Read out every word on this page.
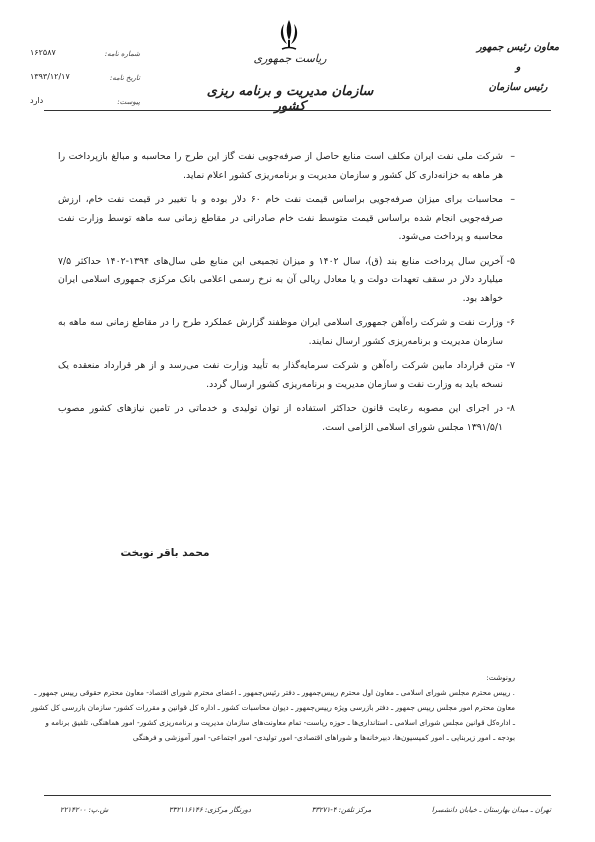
ریاست جمهوری
سازمان مدیریت و برنامه ریزی کشور
معاون رئیس جمهور
و
رئیس سازمان
شماره نامه:
۱۶۲۵۸۷
تاریخ نامه:
۱۳۹۳/۱۲/۱۷
پیوست:
دارد
–
شرکت ملی نفت ایران مکلف است منابع حاصل از صرفه‌جویی نفت گاز این طرح را محاسبه و مبالغ بازپرداخت را هر ماهه به خزانه‌داری کل کشور و سازمان مدیریت و برنامه‌ریزی کشور اعلام نماید.
–
محاسبات برای میزان صرفه‌جویی براساس قیمت نفت خام ۶۰ دلار بوده و با تغییر در قیمت نفت خام، ارزش صرفه‌جویی انجام شده براساس قیمت متوسط نفت خام صادراتی در مقاطع زمانی سه ماهه توسط وزارت نفت محاسبه و پرداخت می‌شود.
۵-
آخرین سال پرداخت منابع بند (ق)، سال ۱۴۰۲ و میزان تجمیعی این منابع طی سال‌های ۱۳۹۴-۱۴۰۲ حداکثر ۷/۵ میلیارد دلار در سقف تعهدات دولت و یا معادل ریالی آن به نرخ رسمی اعلامی بانک مرکزی جمهوری اسلامی ایران خواهد بود.
۶-
وزارت نفت و شرکت راه‌آهن جمهوری اسلامی ایران موظفند گزارش عملکرد طرح را در مقاطع زمانی سه ماهه به سازمان مدیریت و برنامه‌ریزی کشور ارسال نمایند.
۷-
متن قرارداد مابین شرکت راه‌آهن و شرکت سرمایه‌گذار به تأیید وزارت نفت می‌رسد و از هر قرارداد منعقده یک نسخه باید به وزارت نفت و سازمان مدیریت و برنامه‌ریزی کشور ارسال گردد.
۸-
در اجرای این مصوبه رعایت قانون حداکثر استفاده از توان تولیدی و خدماتی در تامین نیازهای کشور مصوب ۱۳۹۱/۵/۱ مجلس شورای اسلامی الزامی است.
محمد باقر نوبخت
رونوشت:
. رییس محترم مجلس شورای اسلامی ـ معاون اول محترم رییس‌جمهور ـ دفتر رئیس‌جمهور ـ اعضای محترم شورای اقتصاد- معاون محترم حقوقی رییس جمهور ـ معاون محترم امور مجلس رییس جمهور ـ دفتر بازرسی ویژه رییس‌جمهور ـ دیوان محاسبات کشور ـ اداره کل قوانین و مقررات کشور- سازمان بازرسی کل کشور ـ اداره‌کل قوانین مجلس شورای اسلامی ـ استانداری‌ها ـ حوزه ریاست- تمام معاونت‌های سازمان مدیریت و برنامه‌ریزی کشور- امور هماهنگی، تلفیق برنامه و بودجه ـ امور زیربنایی ـ امور کمیسیون‌ها، دبیرخانه‌ها و شوراهای اقتصادی- امور تولیدی- امور اجتماعی- امور آموزشی و فرهنگی
تهران ـ میدان بهارستان ـ خیابان دانشسرا
مرکز تلفن: ۴-۳۳۲۷۱
دورنگار مرکزی: ۳۳۲۱۱۶۱۴۶
ش.پ: ۲۲۱۴۲۰۰
